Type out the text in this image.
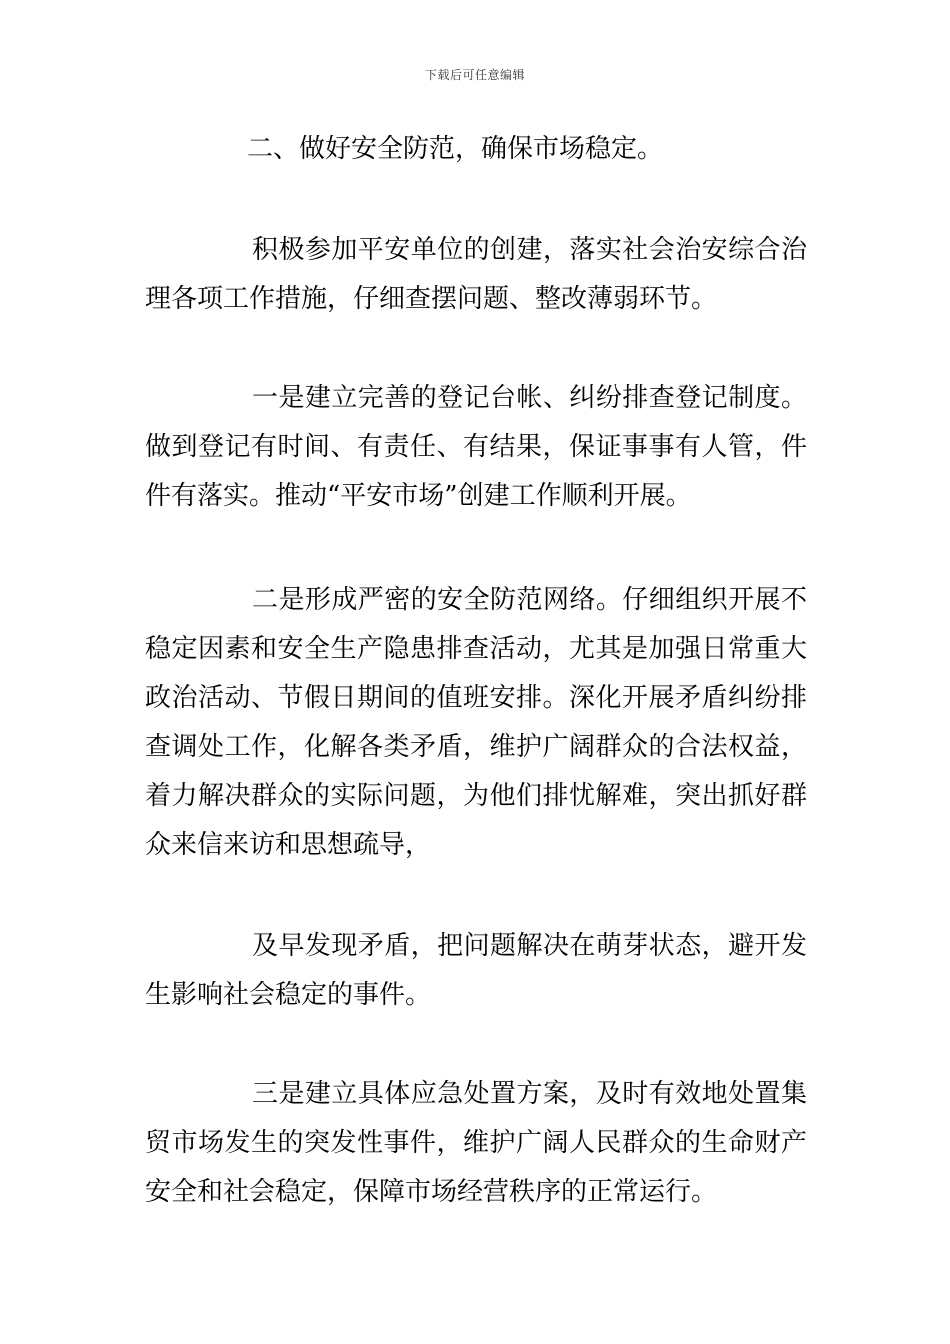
下载后可任意编辑
二、做好安全防范，确保市场稳定。

积极参加平安单位的创建，落实社会治安综合治理各项工作措施，仔细查摆问题、整改薄弱环节。

一是建立完善的登记台帐、纠纷排查登记制度。做到登记有时间、有责任、有结果，保证事事有人管，件件有落实。推动“平安市场”创建工作顺利开展。

二是形成严密的安全防范网络。仔细组织开展不稳定因素和安全生产隐患排查活动，尤其是加强日常重大政治活动、节假日期间的值班安排。深化开展矛盾纠纷排查调处工作，化解各类矛盾，维护广阔群众的合法权益，着力解决群众的实际问题，为他们排忧解难，突出抓好群众来信来访和思想疏导，

及早发现矛盾，把问题解决在萌芽状态，避开发生影响社会稳定的事件。

三是建立具体应急处置方案，及时有效地处置集贸市场发生的突发性事件，维护广阔人民群众的生命财产安全和社会稳定，保障市场经营秩序的正常运行。
